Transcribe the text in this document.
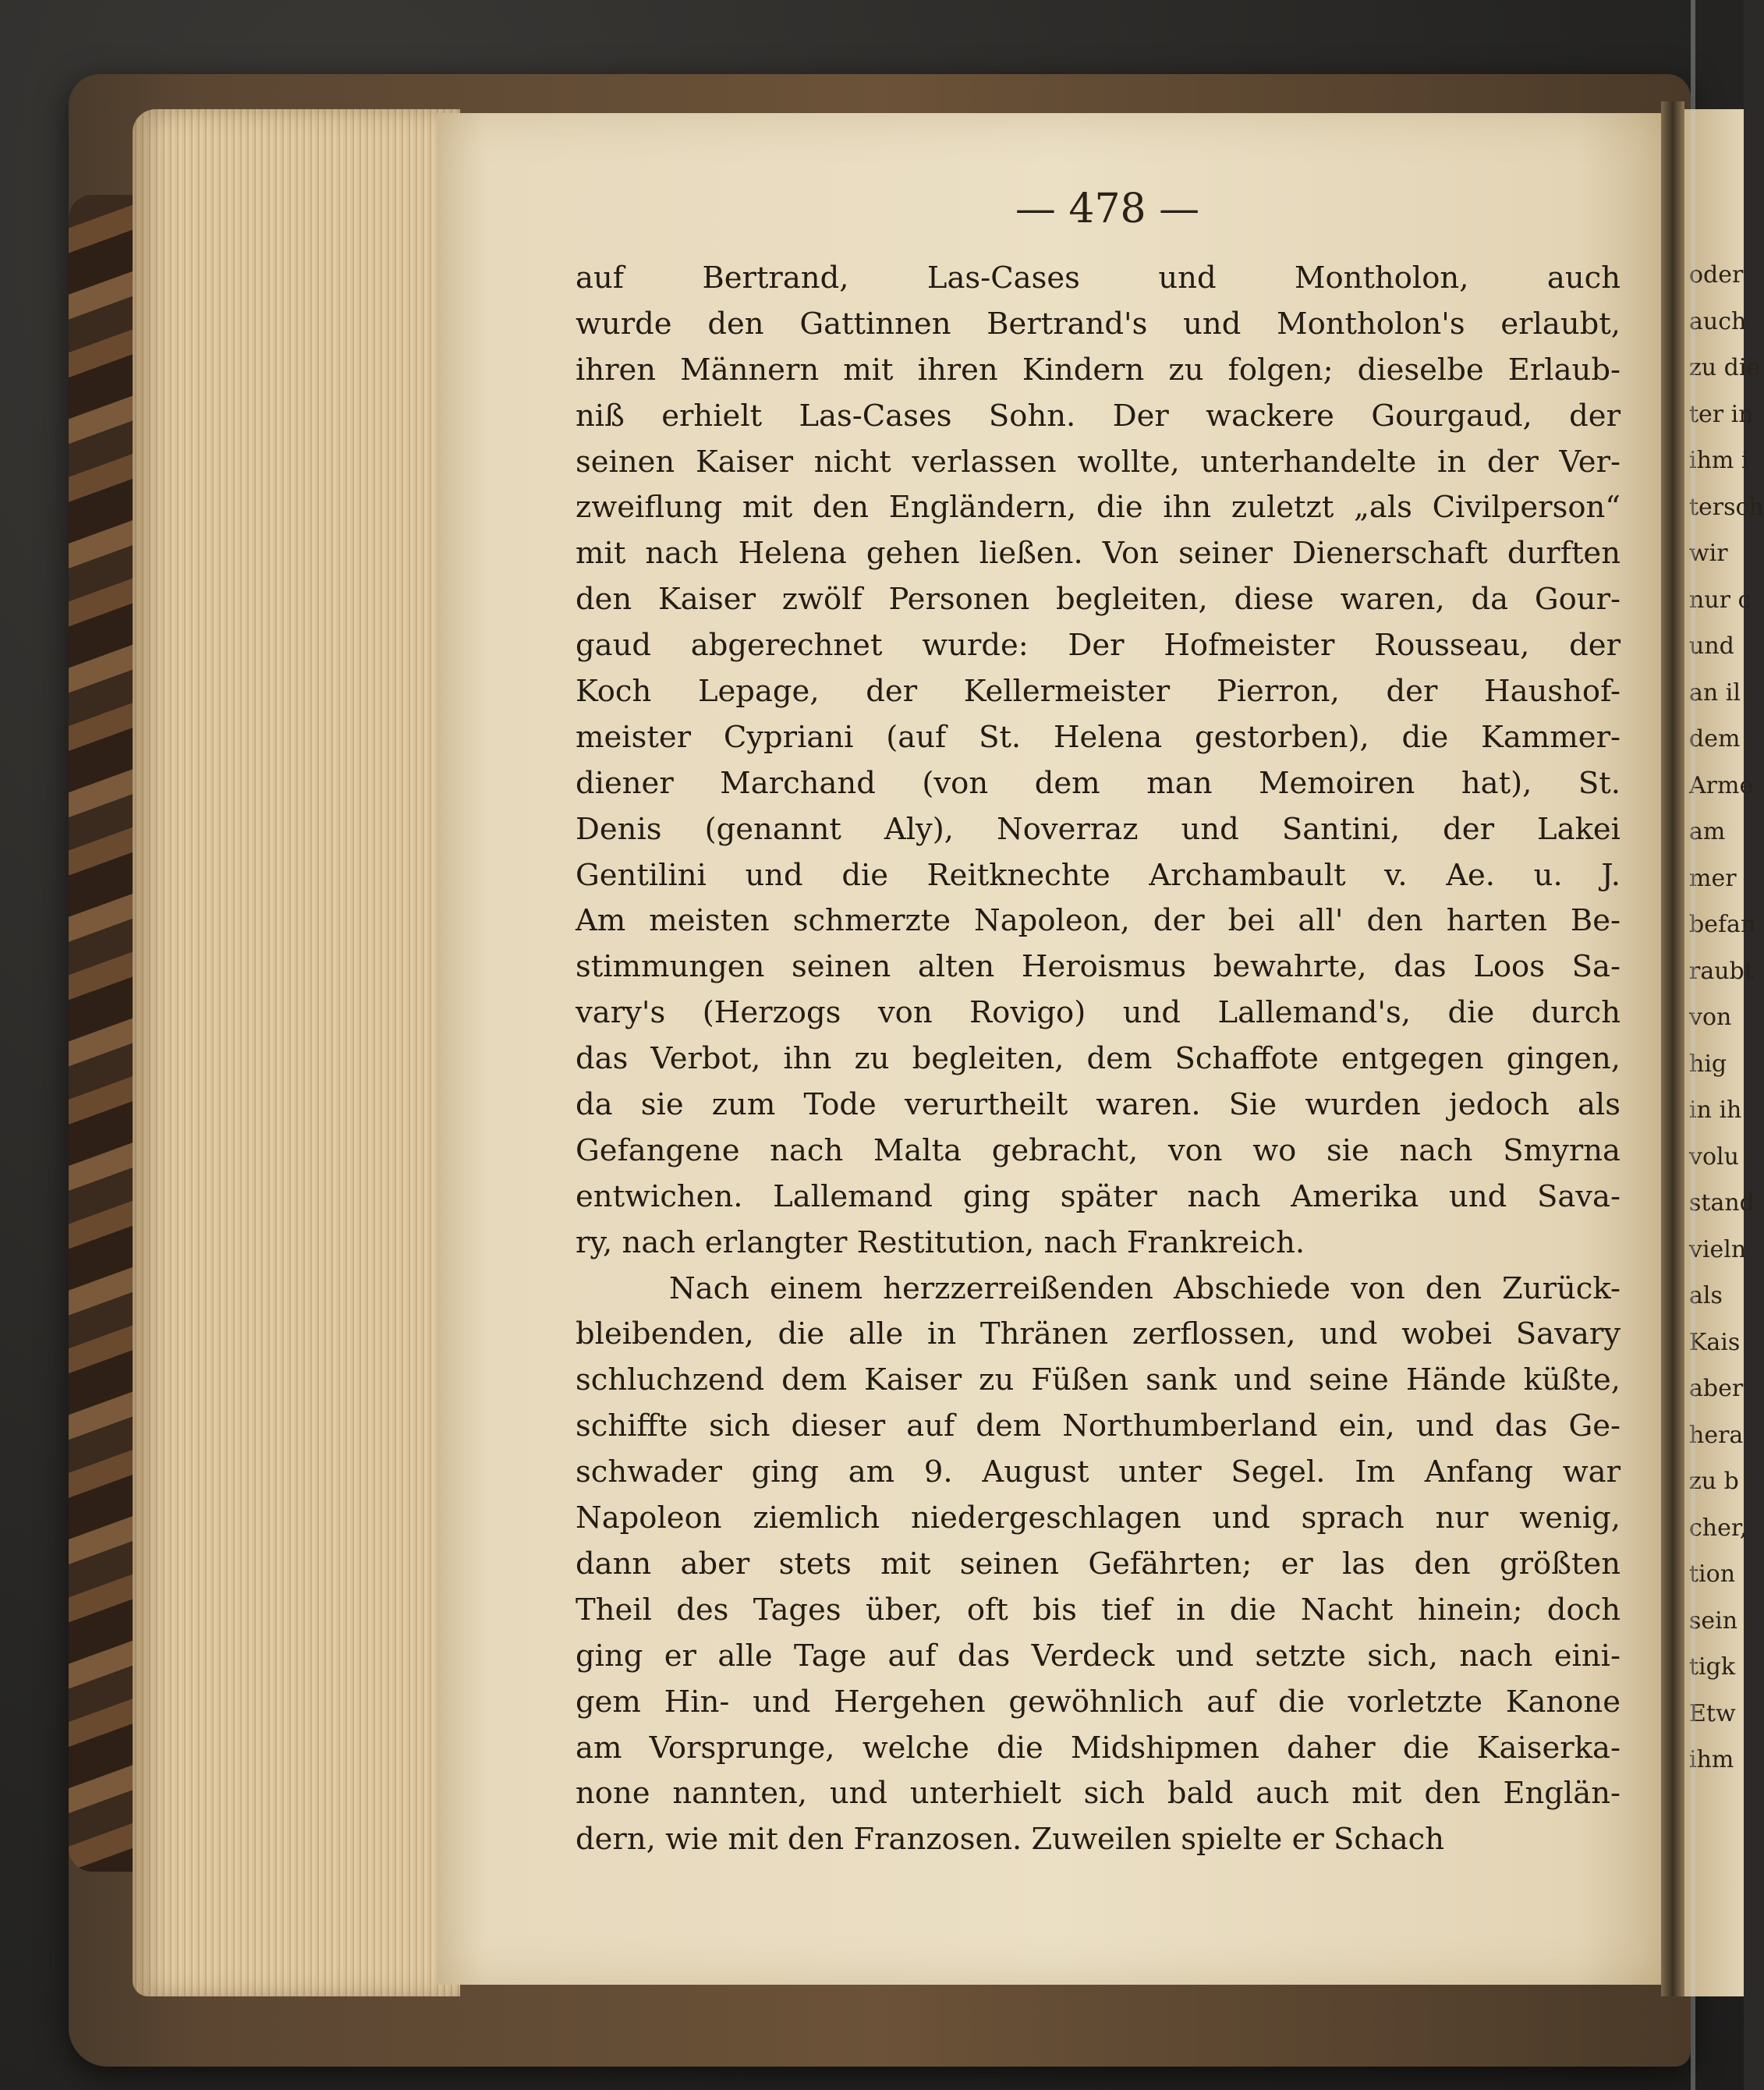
— 478 —
auf Bertrand, Las-Cases und Montholon, auch
wurde den Gattinnen Bertrand's und Montholon's erlaubt,
ihren Männern mit ihren Kindern zu folgen; dieselbe Erlaub-
niß erhielt Las-Cases Sohn. Der wackere Gourgaud, der
seinen Kaiser nicht verlassen wollte, unterhandelte in der Ver-
zweiflung mit den Engländern, die ihn zuletzt „als Civilperson“
mit nach Helena gehen ließen. Von seiner Dienerschaft durften
den Kaiser zwölf Personen begleiten, diese waren, da Gour-
gaud abgerechnet wurde: Der Hofmeister Rousseau, der
Koch Lepage, der Kellermeister Pierron, der Haushof-
meister Cypriani (auf St. Helena gestorben), die Kammer-
diener Marchand (von dem man Memoiren hat), St.
Denis (genannt Aly), Noverraz und Santini, der Lakei
Gentilini und die Reitknechte Archambault v. Ae. u. J.
Am meisten schmerzte Napoleon, der bei all' den harten Be-
stimmungen seinen alten Heroismus bewahrte, das Loos Sa-
vary's (Herzogs von Rovigo) und Lallemand's, die durch
das Verbot, ihn zu begleiten, dem Schaffote entgegen gingen,
da sie zum Tode verurtheilt waren. Sie wurden jedoch als
Gefangene nach Malta gebracht, von wo sie nach Smyrna
entwichen. Lallemand ging später nach Amerika und Sava-
ry, nach erlangter Restitution, nach Frankreich.
Nach einem herzzerreißenden Abschiede von den Zurück-
bleibenden, die alle in Thränen zerflossen, und wobei Savary
schluchzend dem Kaiser zu Füßen sank und seine Hände küßte,
schiffte sich dieser auf dem Northumberland ein, und das Ge-
schwader ging am 9. August unter Segel. Im Anfang war
Napoleon ziemlich niedergeschlagen und sprach nur wenig,
dann aber stets mit seinen Gefährten; er las den größten
Theil des Tages über, oft bis tief in die Nacht hinein; doch
ging er alle Tage auf das Verdeck und setzte sich, nach eini-
gem Hin- und Hergehen gewöhnlich auf die vorletzte Kanone
am Vorsprunge, welche die Midshipmen daher die Kaiserka-
none nannten, und unterhielt sich bald auch mit den Englän-
dern, wie mit den Franzosen. Zuweilen spielte er Schach
oder
auch
zu die
ter in
ihm i
tersch
wir
nur c
und
an il
dem
Arme
am
mer
befan
raubt
von
hig
in ih
volu
stand
vieln
als
Kais
aber
hera
zu b
cher,
tion
sein
tigk
Etw
ihm
